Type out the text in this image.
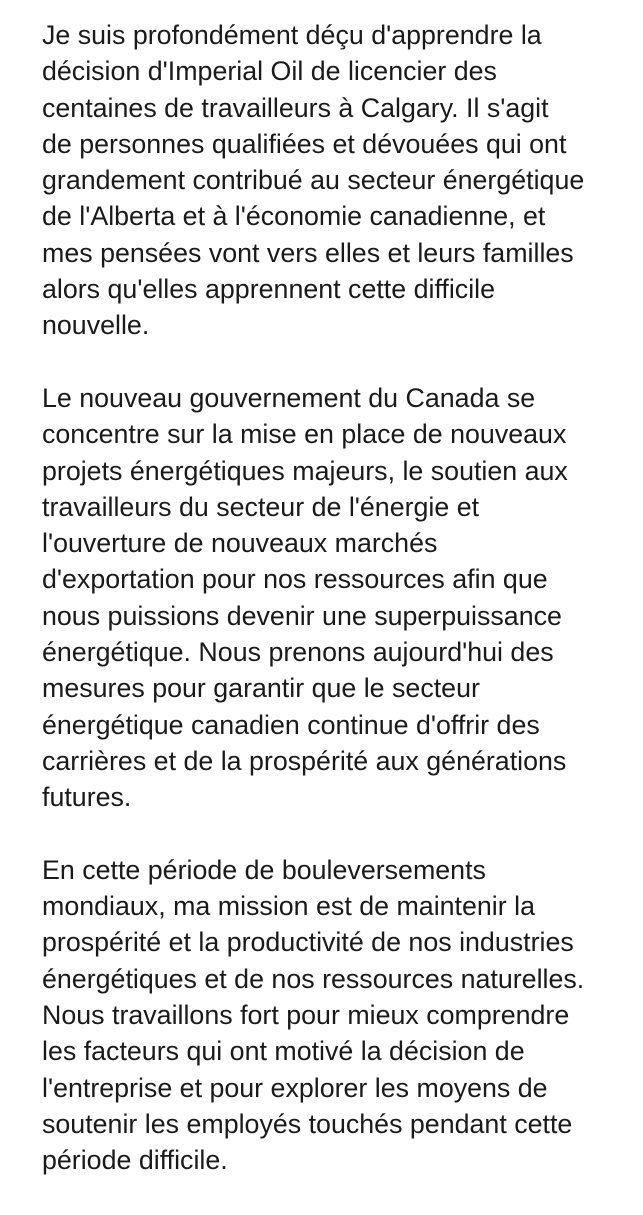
Je suis profondément déçu d'apprendre la
décision d'Imperial Oil de licencier des
centaines de travailleurs à Calgary. Il s'agit
de personnes qualifiées et dévouées qui ont
grandement contribué au secteur énergétique
de l'Alberta et à l'économie canadienne, et
mes pensées vont vers elles et leurs familles
alors qu'elles apprennent cette difficile
nouvelle.

Le nouveau gouvernement du Canada se
concentre sur la mise en place de nouveaux
projets énergétiques majeurs, le soutien aux
travailleurs du secteur de l'énergie et
l'ouverture de nouveaux marchés
d'exportation pour nos ressources afin que
nous puissions devenir une superpuissance
énergétique. Nous prenons aujourd'hui des
mesures pour garantir que le secteur
énergétique canadien continue d'offrir des
carrières et de la prospérité aux générations
futures.

En cette période de bouleversements
mondiaux, ma mission est de maintenir la
prospérité et la productivité de nos industries
énergétiques et de nos ressources naturelles.
Nous travaillons fort pour mieux comprendre
les facteurs qui ont motivé la décision de
l'entreprise et pour explorer les moyens de
soutenir les employés touchés pendant cette
période difficile.
